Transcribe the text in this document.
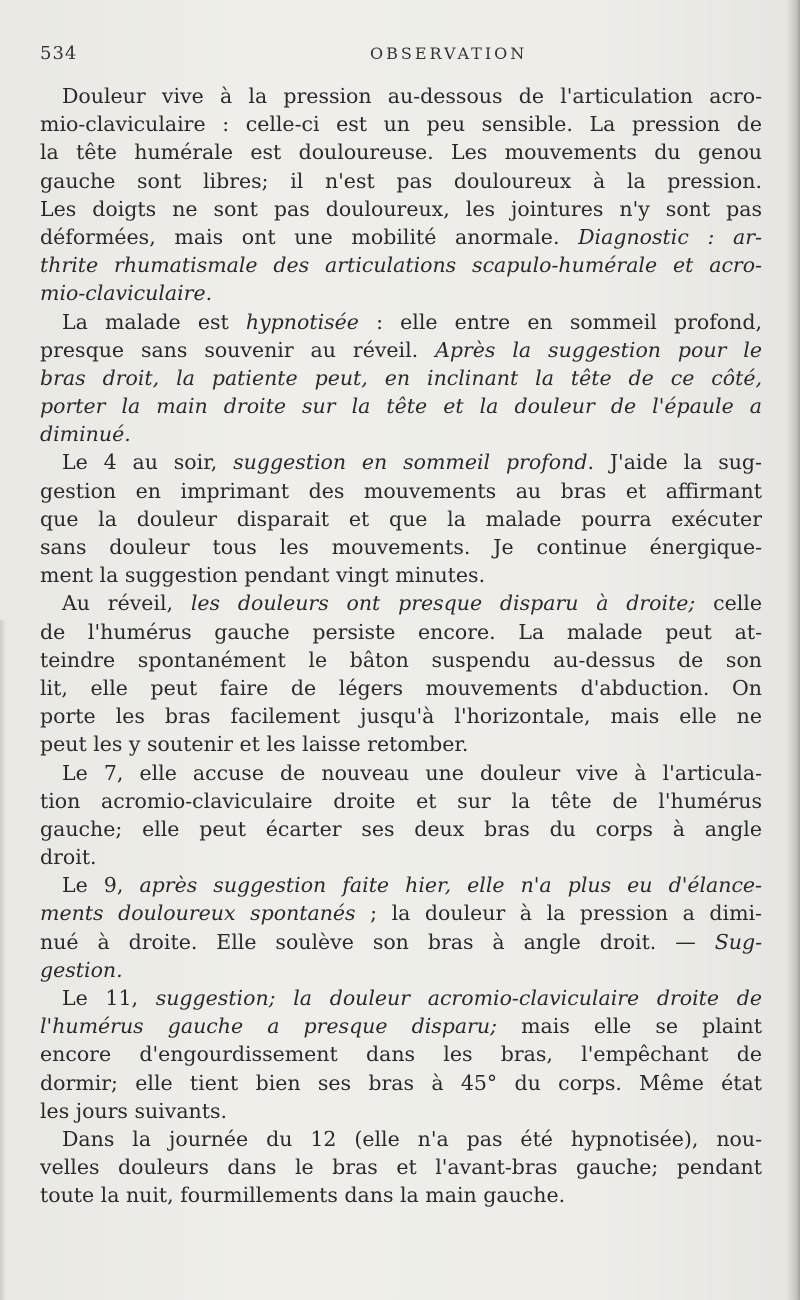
534	OBSERVATION
Douleur vive à la pression au-dessous de l'articulation acro-
mio-claviculaire : celle-ci est un peu sensible. La pression de
la tête humérale est douloureuse. Les mouvements du genou
gauche sont libres; il n'est pas douloureux à la pression.
Les doigts ne sont pas douloureux, les jointures n'y sont pas
déformées, mais ont une mobilité anormale. Diagnostic : ar-
thrite rhumatismale des articulations scapulo-humérale et acro-
mio-claviculaire.
La malade est hypnotisée : elle entre en sommeil profond,
presque sans souvenir au réveil. Après la suggestion pour le
bras droit, la patiente peut, en inclinant la tête de ce côté,
porter la main droite sur la tête et la douleur de l'épaule a
diminué.
Le 4 au soir, suggestion en sommeil profond. J'aide la sug-
gestion en imprimant des mouvements au bras et affirmant
que la douleur disparait et que la malade pourra exécuter
sans douleur tous les mouvements. Je continue énergique-
ment la suggestion pendant vingt minutes.
Au réveil, les douleurs ont presque disparu à droite; celle
de l'humérus gauche persiste encore. La malade peut at-
teindre spontanément le bâton suspendu au-dessus de son
lit, elle peut faire de légers mouvements d'abduction. On
porte les bras facilement jusqu'à l'horizontale, mais elle ne
peut les y soutenir et les laisse retomber.
Le 7, elle accuse de nouveau une douleur vive à l'articula-
tion acromio-claviculaire droite et sur la tête de l'humérus
gauche; elle peut écarter ses deux bras du corps à angle
droit.
Le 9, après suggestion faite hier, elle n'a plus eu d'élance-
ments douloureux spontanés ; la douleur à la pression a dimi-
nué à droite. Elle soulève son bras à angle droit. — Sug-
gestion.
Le 11, suggestion; la douleur acromio-claviculaire droite de
l'humérus gauche a presque disparu; mais elle se plaint
encore d'engourdissement dans les bras, l'empêchant de
dormir; elle tient bien ses bras à 45° du corps. Même état
les jours suivants.
Dans la journée du 12 (elle n'a pas été hypnotisée), nou-
velles douleurs dans le bras et l'avant-bras gauche; pendant
toute la nuit, fourmillements dans la main gauche.
